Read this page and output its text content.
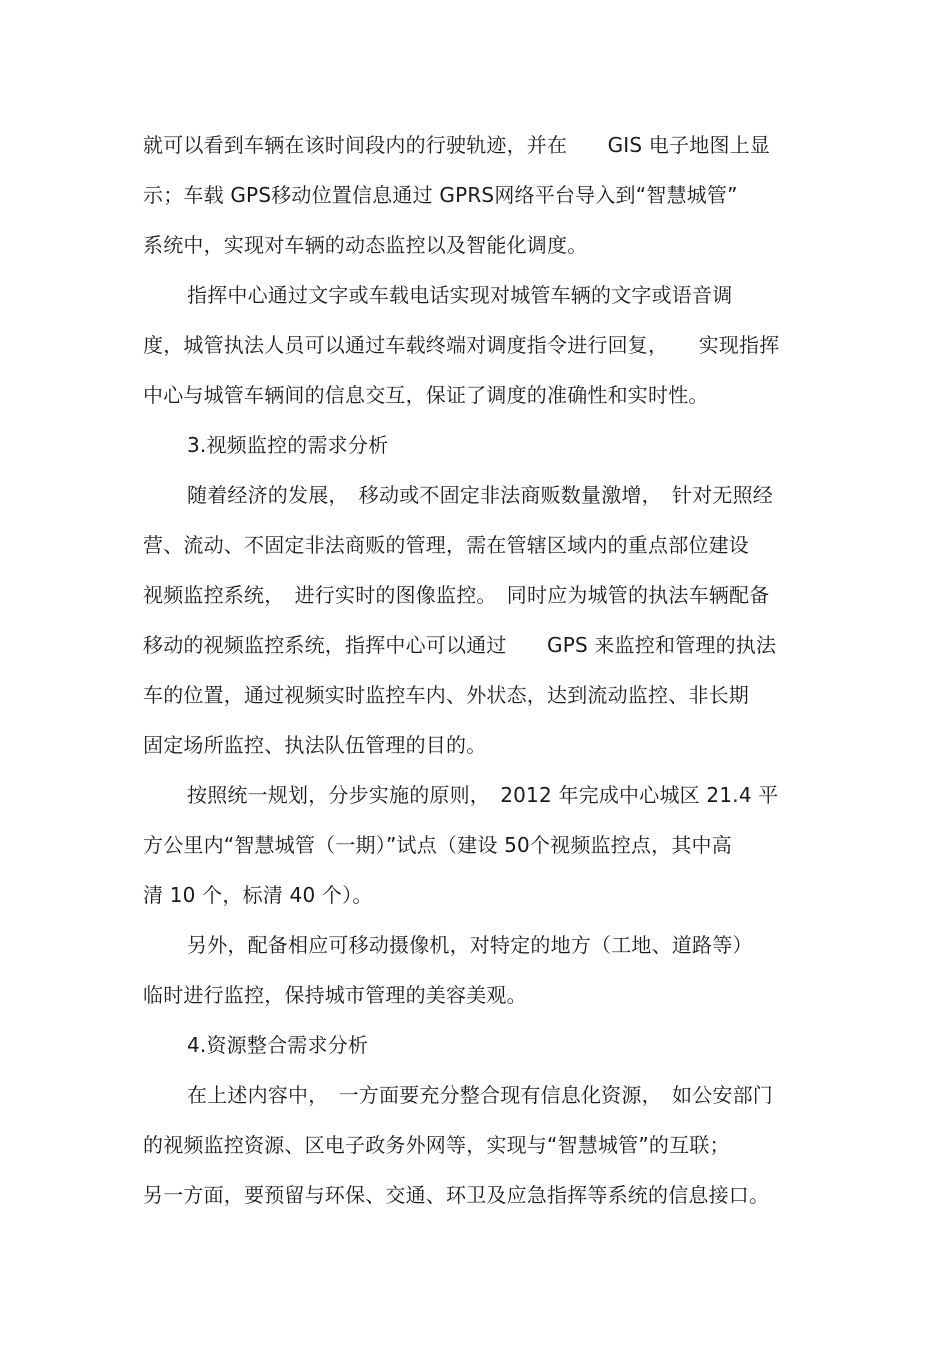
就可以看到车辆在该时间段内的行驶轨迹，并在　　GIS 电子地图上显
示；车载 GPS移动位置信息通过 GPRS网络平台导入到“智慧城管”
系统中，实现对车辆的动态监控以及智能化调度。
指挥中心通过文字或车载电话实现对城管车辆的文字或语音调
度，城管执法人员可以通过车载终端对调度指令进行回复，　　实现指挥
中心与城管车辆间的信息交互，保证了调度的准确性和实时性。
3.视频监控的需求分析
随着经济的发展，　移动或不固定非法商贩数量激增，　针对无照经
营、流动、不固定非法商贩的管理，需在管辖区域内的重点部位建设
视频监控系统，　进行实时的图像监控。　同时应为城管的执法车辆配备
移动的视频监控系统，指挥中心可以通过　　GPS 来监控和管理的执法
车的位置，通过视频实时监控车内、外状态，达到流动监控、非长期
固定场所监控、执法队伍管理的目的。
按照统一规划，分步实施的原则，　2012 年完成中心城区 21.4 平
方公里内“智慧城管（一期）”试点（建设 50个视频监控点，其中高
清 10 个，标清 40 个）。
另外，配备相应可移动摄像机，对特定的地方（工地、道路等）
临时进行监控，保持城市管理的美容美观。
4.资源整合需求分析
在上述内容中，　一方面要充分整合现有信息化资源，　如公安部门
的视频监控资源、区电子政务外网等，实现与“智慧城管”的互联；
另一方面，要预留与环保、交通、环卫及应急指挥等系统的信息接口。
